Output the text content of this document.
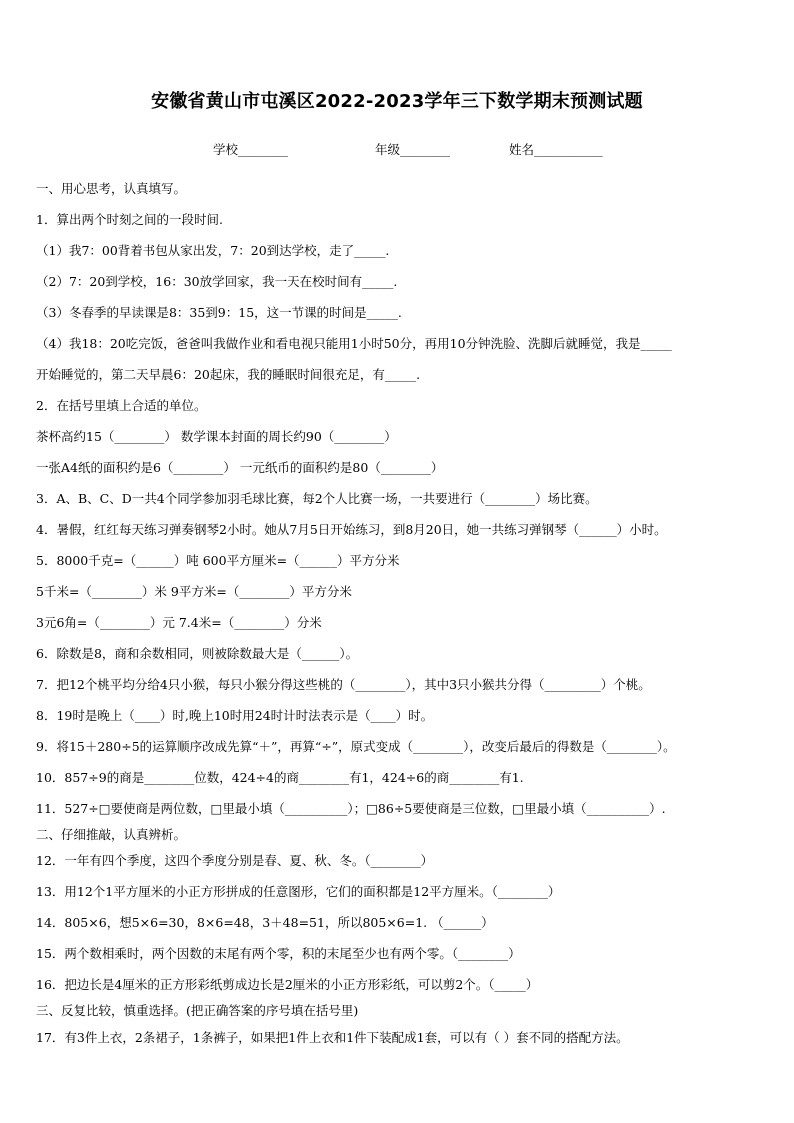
安徽省黄山市屯溪区2022-2023学年三下数学期末预测试题
学校________	年级________	姓名___________
一、用心思考，认真填写。
1．算出两个时刻之间的一段时间.
（1）我7：00背着书包从家出发，7：20到达学校，走了_____.
（2）7：20到学校，16：30放学回家，我一天在校时间有_____.
（3）冬春季的早读课是8：35到9：15，这一节课的时间是_____.
（4）我18：20吃完饭，爸爸叫我做作业和看电视只能用1小时50分，再用10分钟洗脸、洗脚后就睡觉，我是_____
开始睡觉的，第二天早晨6：20起床，我的睡眠时间很充足，有_____.
2．在括号里填上合适的单位。
茶杯高约15（________） 数学课本封面的周长约90（________）
一张A4纸的面积约是6（________） 一元纸币的面积约是80（________）
3．A、B、C、D一共4个同学参加羽毛球比赛，每2个人比赛一场，一共要进行（________）场比赛。
4．暑假，红红每天练习弹奏钢琴2小时。她从7月5日开始练习，到8月20日，她一共练习弹钢琴（______）小时。
5．8000千克=（______）吨 600平方厘米=（______）平方分米
5千米=（________）米 9平方米=（________）平方分米
3元6角=（________）元 7.4米=（________）分米
6．除数是8，商和余数相同，则被除数最大是（______）。
7．把12个桃平均分给4只小猴，每只小猴分得这些桃的（________），其中3只小猴共分得（_________）个桃。
8．19时是晚上（____）时,晚上10时用24时计时法表示是（____）时。
9．将15＋280÷5的运算顺序改成先算“＋”，再算“÷”，原式变成（________），改变后最后的得数是（________）。
10．857÷9的商是________位数，424÷4的商________有1，424÷6的商________有1.
11．527÷□要使商是两位数，□里最小填（__________）；□86÷5要使商是三位数，□里最小填（__________）.
二、仔细推敲，认真辨析。
12．一年有四个季度，这四个季度分别是春、夏、秋、冬。（________）
13．用12个1平方厘米的小正方形拼成的任意图形，它们的面积都是12平方厘米。（________）
14．805×6，想5×6=30，8×6=48，3＋48=51，所以805×6=1. （______）
15．两个数相乘时，两个因数的末尾有两个零，积的末尾至少也有两个零。（________）
16．把边长是4厘米的正方形彩纸剪成边长是2厘米的小正方形彩纸，可以剪2个。（_____）
三、反复比较，慎重选择。(把正确答案的序号填在括号里)
17．有3件上衣，2条裙子，1条裤子，如果把1件上衣和1件下装配成1套，可以有（ ）套不同的搭配方法。
